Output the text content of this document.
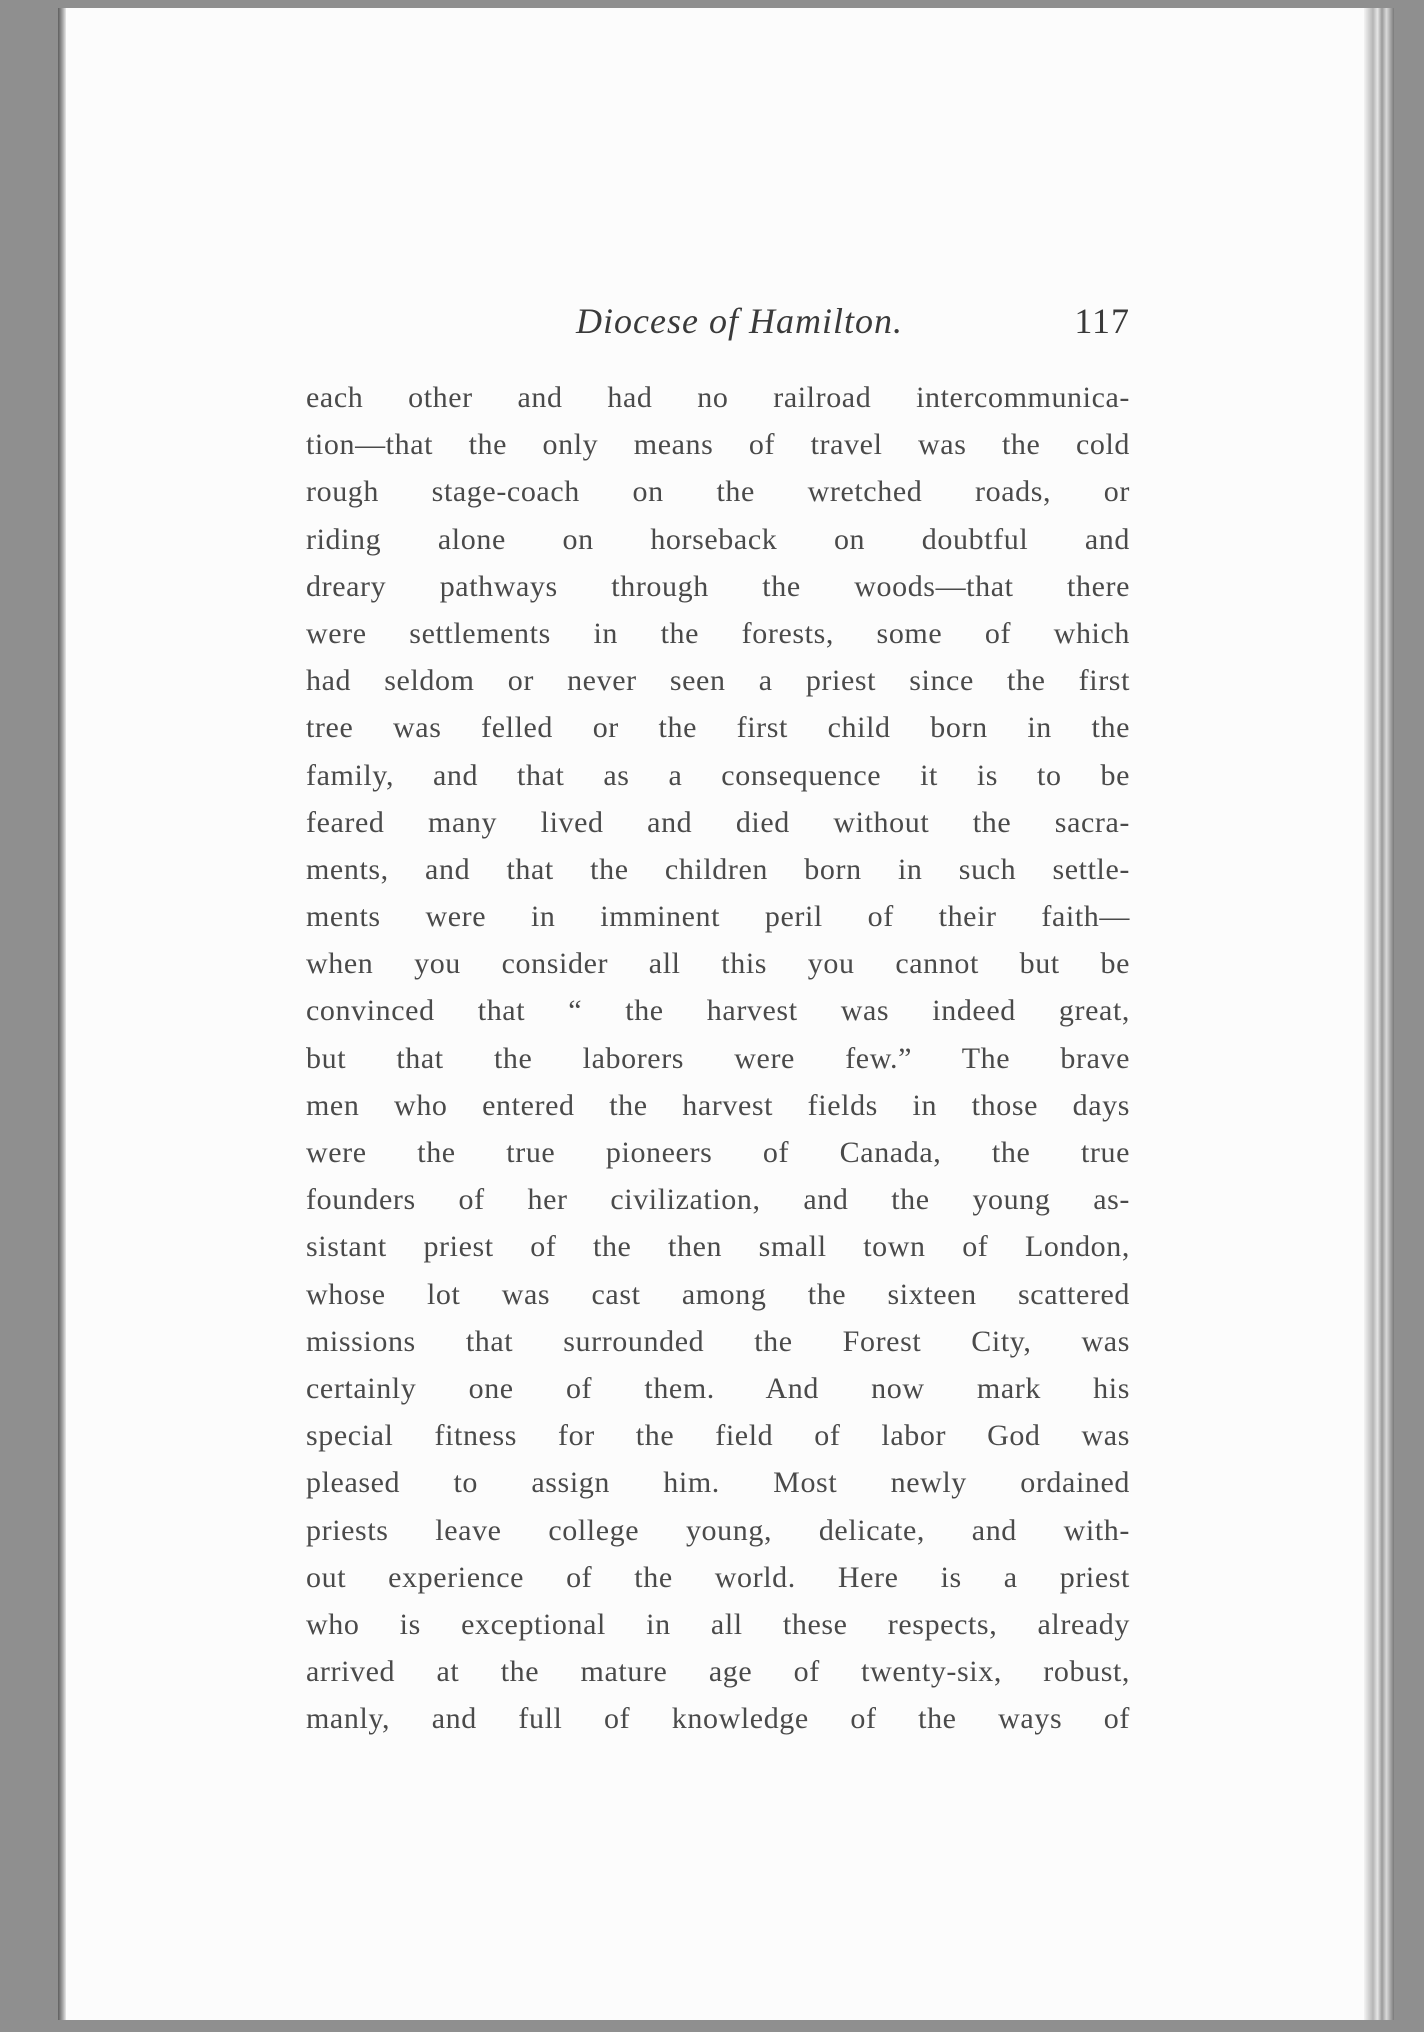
Diocese of Hamilton.	117
each other and had no railroad intercommunica-
tion—that the only means of travel was the cold
rough stage-coach on the wretched roads, or
riding alone on horseback on doubtful and
dreary pathways through the woods—that there
were settlements in the forests, some of which
had seldom or never seen a priest since the first
tree was felled or the first child born in the
family, and that as a consequence it is to be
feared many lived and died without the sacra-
ments, and that the children born in such settle-
ments were in imminent peril of their faith—
when you consider all this you cannot but be
convinced that “ the harvest was indeed great,
but that the laborers were few.” The brave
men who entered the harvest fields in those days
were the true pioneers of Canada, the true
founders of her civilization, and the young as-
sistant priest of the then small town of London,
whose lot was cast among the sixteen scattered
missions that surrounded the Forest City, was
certainly one of them. And now mark his
special fitness for the field of labor God was
pleased to assign him. Most newly ordained
priests leave college young, delicate, and with-
out experience of the world. Here is a priest
who is exceptional in all these respects, already
arrived at the mature age of twenty-six, robust,
manly, and full of knowledge of the ways of
